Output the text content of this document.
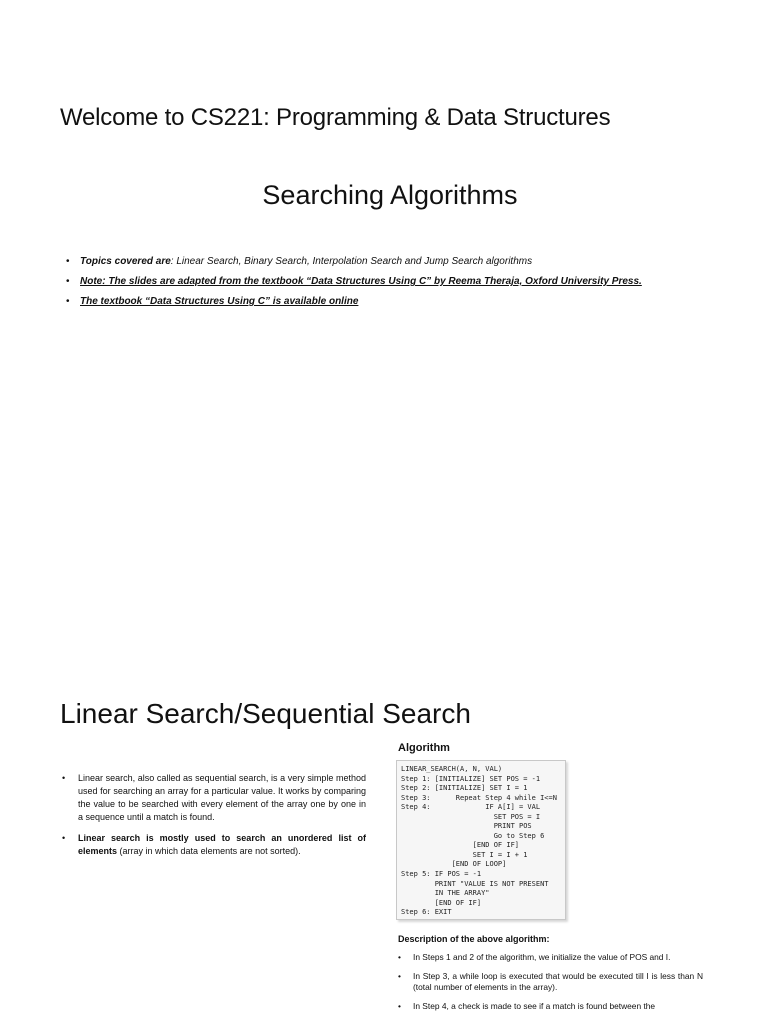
Welcome to CS221: Programming & Data Structures
Searching Algorithms
• Topics covered are: Linear Search, Binary Search, Interpolation Search and Jump Search algorithms
• Note: The slides are adapted from the textbook “Data Structures Using C” by Reema Theraja, Oxford University Press.
• The textbook “Data Structures Using C” is available online
Linear Search/Sequential Search
• Linear search, also called as sequential search, is a very simple method used for searching an array for a particular value. It works by comparing the value to be searched with every element of the array one by one in a sequence until a match is found.
• Linear search is mostly used to search an unordered list of elements (array in which data elements are not sorted).
Algorithm
LINEAR_SEARCH(A, N, VAL)
Step 1: [INITIALIZE] SET POS = -1
Step 2: [INITIALIZE] SET I = 1
Step 3:      Repeat Step 4 while I<=N
Step 4:             IF A[I] = VAL
SET POS = I
PRINT POS
Go to Step 6
[END OF IF]
SET I = I + 1
[END OF LOOP]
Step 5: IF POS = -1
PRINT "VALUE IS NOT PRESENT
IN THE ARRAY"
[END OF IF]
Step 6: EXIT
Description of the above algorithm:
• In Steps 1 and 2 of the algorithm, we initialize the value of POS and I.
• In Step 3, a while loop is executed that would be executed till I is less than N (total number of elements in the array).
• In Step 4, a check is made to see if a match is found between the
